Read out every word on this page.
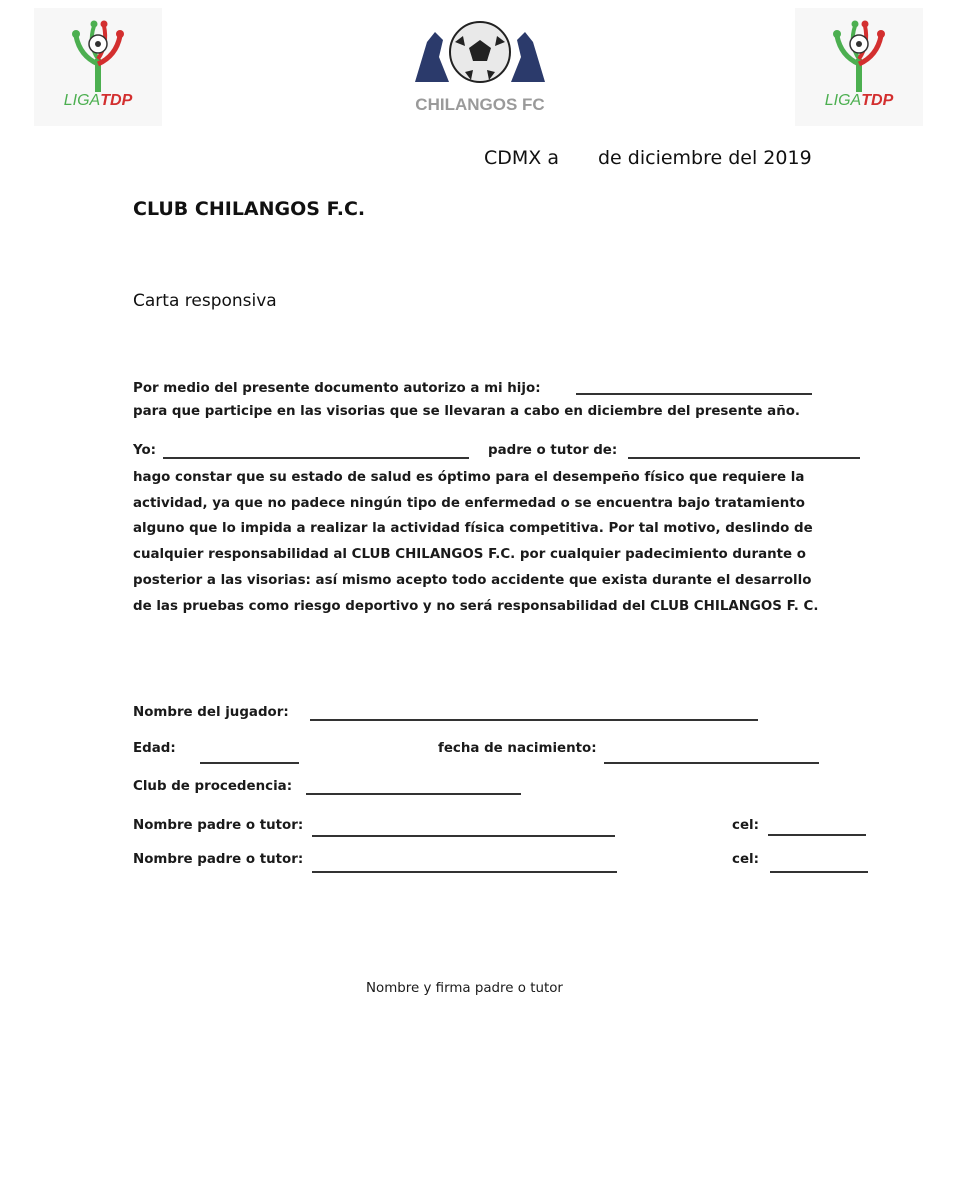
LIGATDP	CHILANGOS FC	LIGATDP
CDMX a de diciembre del 2019
CLUB CHILANGOS F.C.
Carta responsiva
Por medio del presente documento autorizo a mi hijo:
para que participe en las visorias que se llevaran a cabo en diciembre del presente año.
Yo:	padre o tutor de:
hago constar que su estado de salud es óptimo para el desempeño físico que requiere la
actividad, ya que no padece ningún tipo de enfermedad o se encuentra bajo tratamiento
alguno que lo impida a realizar la actividad física competitiva. Por tal motivo, deslindo de
cualquier responsabilidad al CLUB CHILANGOS F.C. por cualquier padecimiento durante o
posterior a las visorias: así mismo acepto todo accidente que exista durante el desarrollo
de las pruebas como riesgo deportivo y no será responsabilidad del CLUB CHILANGOS F. C.
Nombre del jugador:
Edad:	fecha de nacimiento:
Club de procedencia:
Nombre padre o tutor:	cel:
Nombre padre o tutor:	cel:
Nombre y firma padre o tutor
